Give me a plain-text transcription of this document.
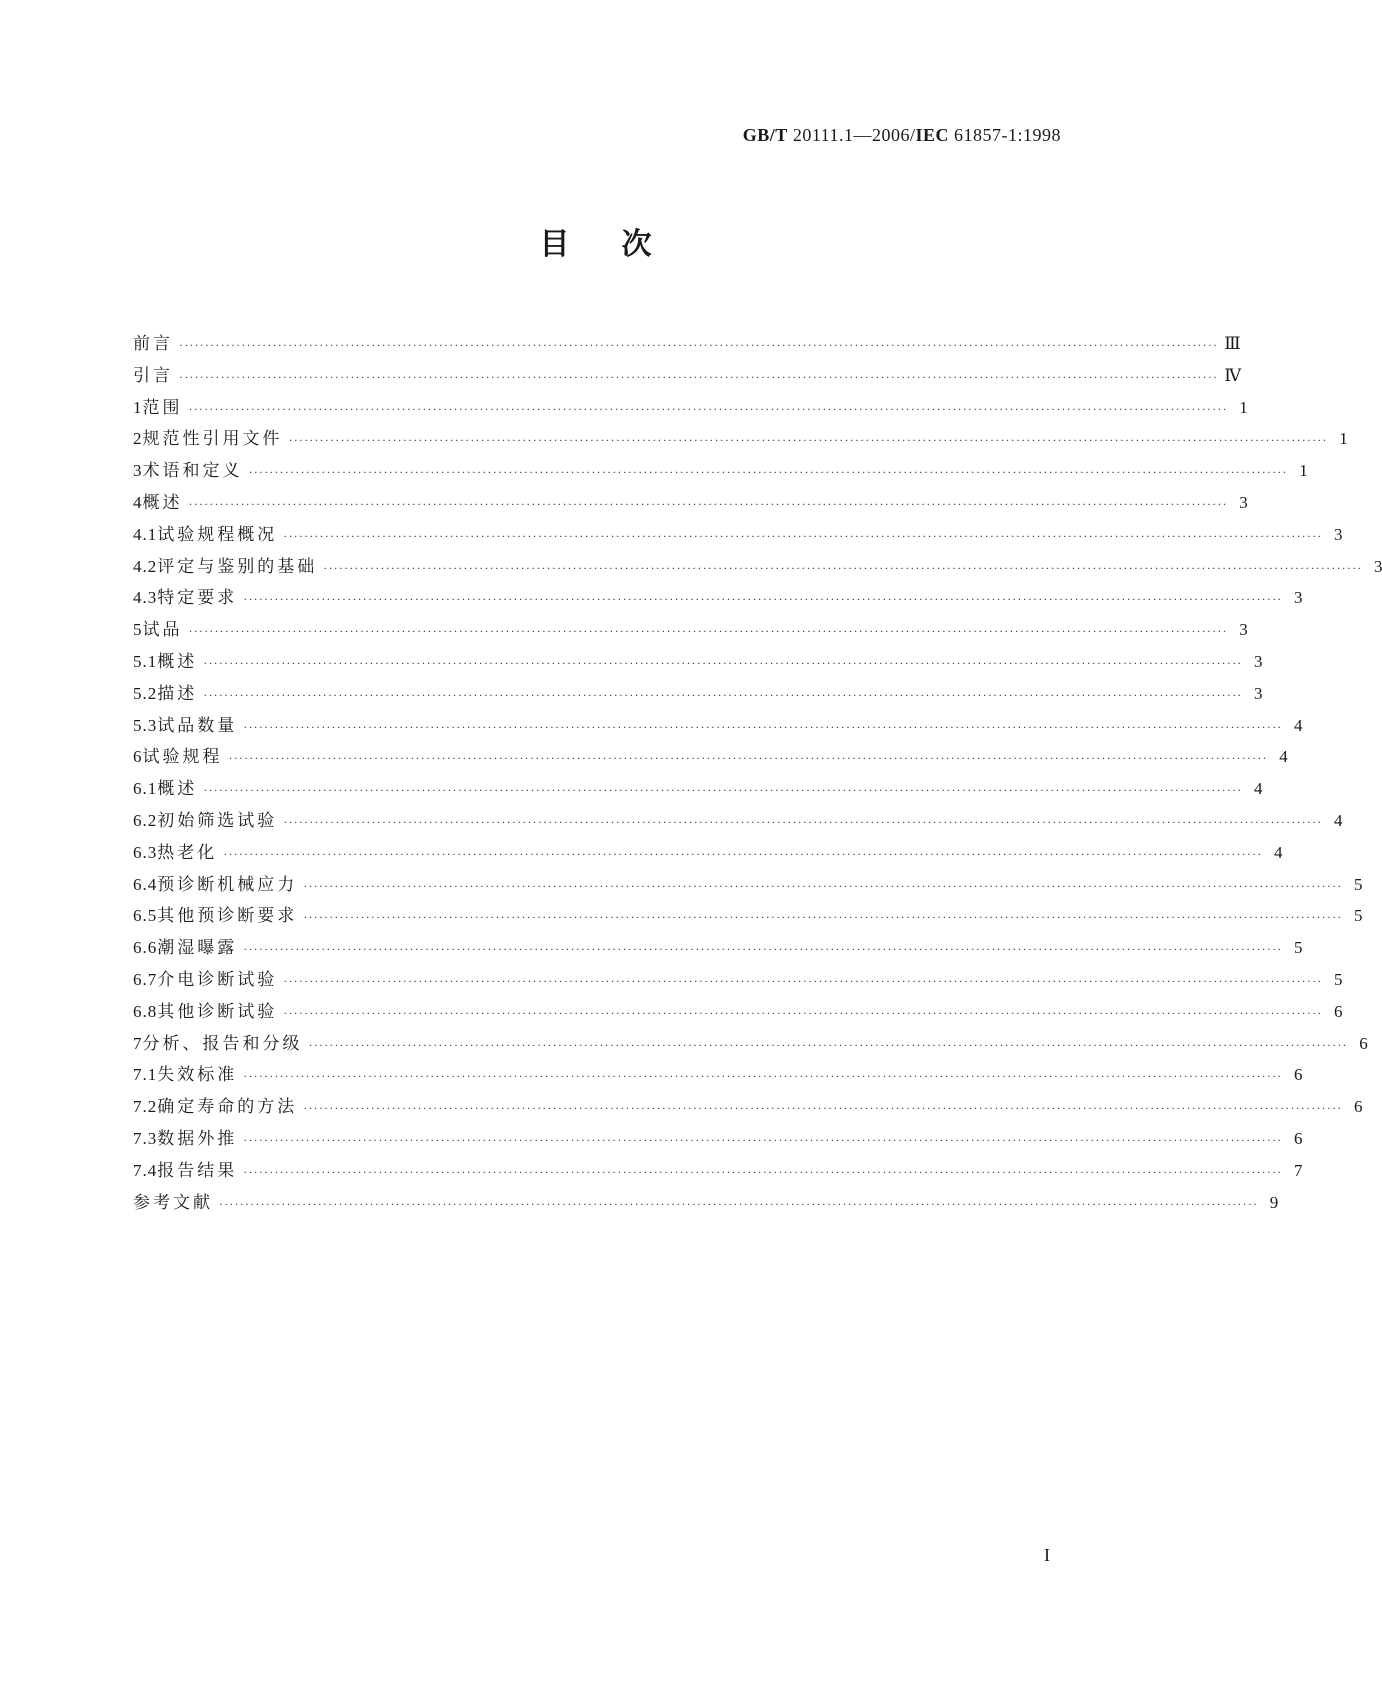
GB/T 20111.1—2006/IEC 61857-1:1998
目次
前言 ·····	Ⅲ
引言 ·····	Ⅳ
1 范围 ·····	1
2 规范性引用文件 ·····	1
3 术语和定义 ·····	1
4 概述 ·····	3
4.1 试验规程概况 ·····	3
4.2 评定与鉴别的基础 ·····	3
4.3 特定要求 ·····	3
5 试品 ·····	3
5.1 概述 ·····	3
5.2 描述 ·····	3
5.3 试品数量 ·····	4
6 试验规程 ·····	4
6.1 概述 ·····	4
6.2 初始筛选试验 ·····	4
6.3 热老化 ·····	4
6.4 预诊断机械应力 ·····	5
6.5 其他预诊断要求 ·····	5
6.6 潮湿曝露 ·····	5
6.7 介电诊断试验 ·····	5
6.8 其他诊断试验 ·····	6
7 分析、报告和分级 ·····	6
7.1 失效标准 ·····	6
7.2 确定寿命的方法 ·····	6
7.3 数据外推 ·····	6
7.4 报告结果 ·····	7
参考文献 ·····	9
I
